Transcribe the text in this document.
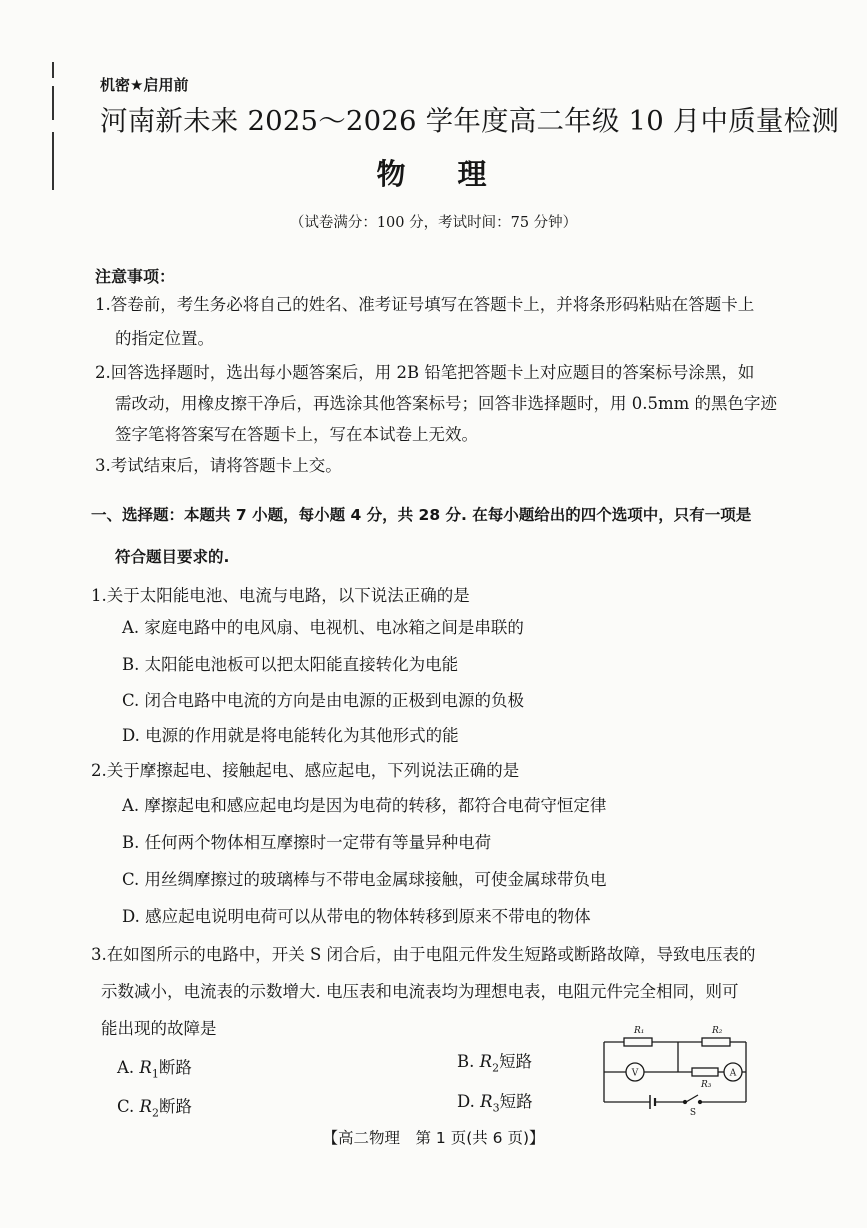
机密★启用前
河南新未来 2025～2026 学年度高二年级 10 月中质量检测
物 理
（试卷满分：100 分，考试时间：75 分钟）
注意事项：
1.答卷前，考生务必将自己的姓名、准考证号填写在答题卡上，并将条形码粘贴在答题卡上
的指定位置。
2.回答选择题时，选出每小题答案后，用 2B 铅笔把答题卡上对应题目的答案标号涂黑，如
需改动，用橡皮擦干净后，再选涂其他答案标号；回答非选择题时，用 0.5mm 的黑色字迹
签字笔将答案写在答题卡上，写在本试卷上无效。
3.考试结束后，请将答题卡上交。
一、选择题：本题共 7 小题，每小题 4 分，共 28 分. 在每小题给出的四个选项中，只有一项是
符合题目要求的.
1.关于太阳能电池、电流与电路，以下说法正确的是
A. 家庭电路中的电风扇、电视机、电冰箱之间是串联的
B. 太阳能电池板可以把太阳能直接转化为电能
C. 闭合电路中电流的方向是由电源的正极到电源的负极
D. 电源的作用就是将电能转化为其他形式的能
2.关于摩擦起电、接触起电、感应起电，下列说法正确的是
A. 摩擦起电和感应起电均是因为电荷的转移，都符合电荷守恒定律
B. 任何两个物体相互摩擦时一定带有等量异种电荷
C. 用丝绸摩擦过的玻璃棒与不带电金属球接触，可使金属球带负电
D. 感应起电说明电荷可以从带电的物体转移到原来不带电的物体
3.在如图所示的电路中，开关 S 闭合后，由于电阻元件发生短路或断路故障，导致电压表的
示数减小，电流表的示数增大. 电压表和电流表均为理想电表，电阻元件完全相同，则可
能出现的故障是
A. $R_1$断路	B. $R_2$短路
C. $R_2$断路	D. $R_3$短路
R₁	R₂
R₃
V	A
S
【高二物理　第 1 页(共 6 页)】
